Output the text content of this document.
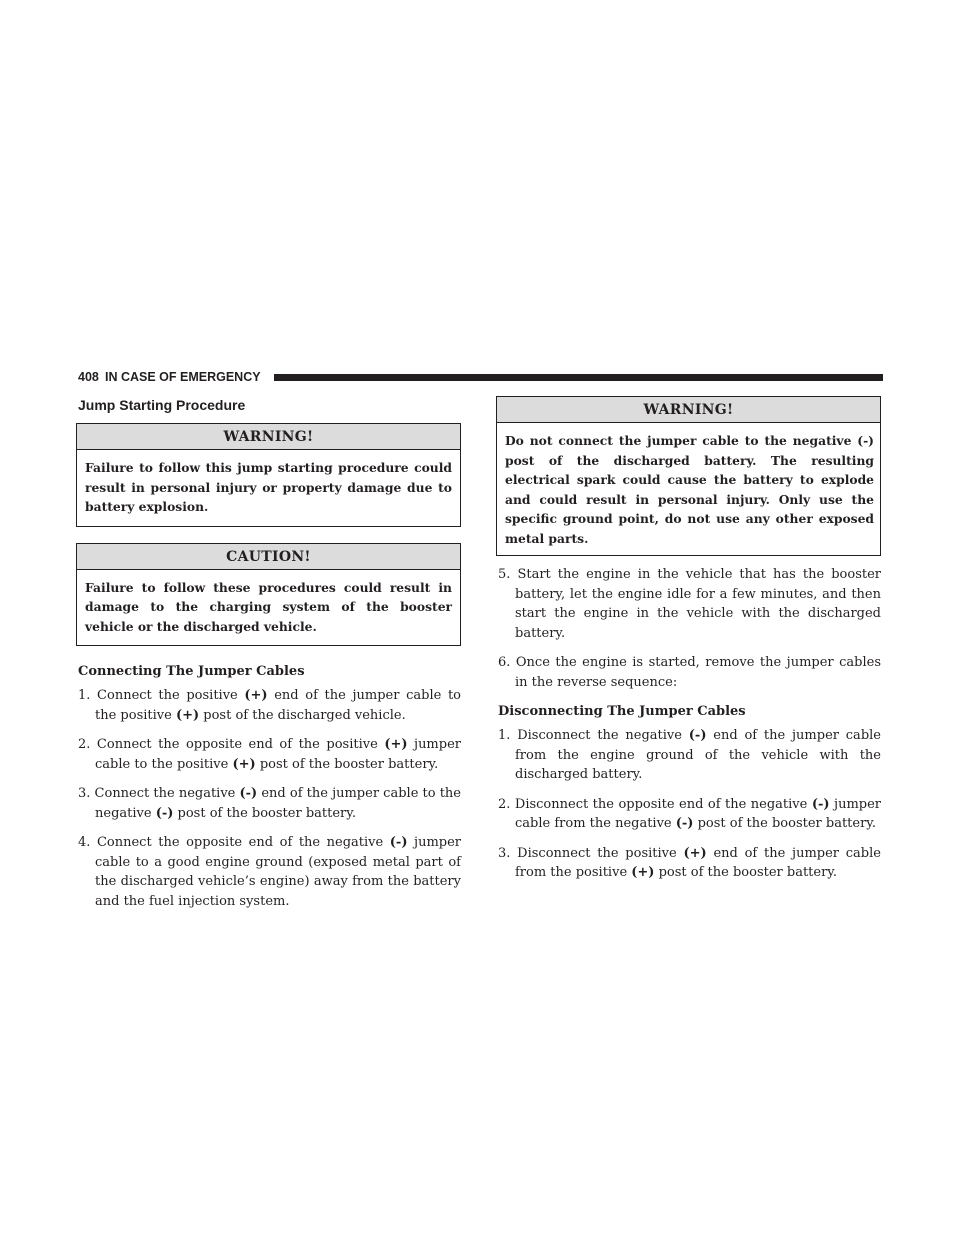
408 IN CASE OF EMERGENCY
Jump Starting Procedure
WARNING!
Failure to follow this jump starting procedure could result in personal injury or property damage due to battery explosion.
CAUTION!
Failure to follow these procedures could result in damage to the charging system of the booster vehicle or the discharged vehicle.
Connecting The Jumper Cables
1. Connect the positive (+) end of the jumper cable to the positive (+) post of the discharged vehicle.
2. Connect the opposite end of the positive (+) jumper cable to the positive (+) post of the booster battery.
3. Connect the negative (-) end of the jumper cable to the negative (-) post of the booster battery.
4. Connect the opposite end of the negative (-) jumper cable to a good engine ground (exposed metal part of the discharged vehicle’s engine) away from the battery and the fuel injection system.
WARNING!
Do not connect the jumper cable to the negative (-) post of the discharged battery. The resulting electrical spark could cause the battery to explode and could result in personal injury. Only use the specific ground point, do not use any other exposed metal parts.
5. Start the engine in the vehicle that has the booster battery, let the engine idle for a few minutes, and then start the engine in the vehicle with the discharged battery.
6. Once the engine is started, remove the jumper cables in the reverse sequence:
Disconnecting The Jumper Cables
1. Disconnect the negative (-) end of the jumper cable from the engine ground of the vehicle with the discharged battery.
2. Disconnect the opposite end of the negative (-) jumper cable from the negative (-) post of the booster battery.
3. Disconnect the positive (+) end of the jumper cable from the positive (+) post of the booster battery.
